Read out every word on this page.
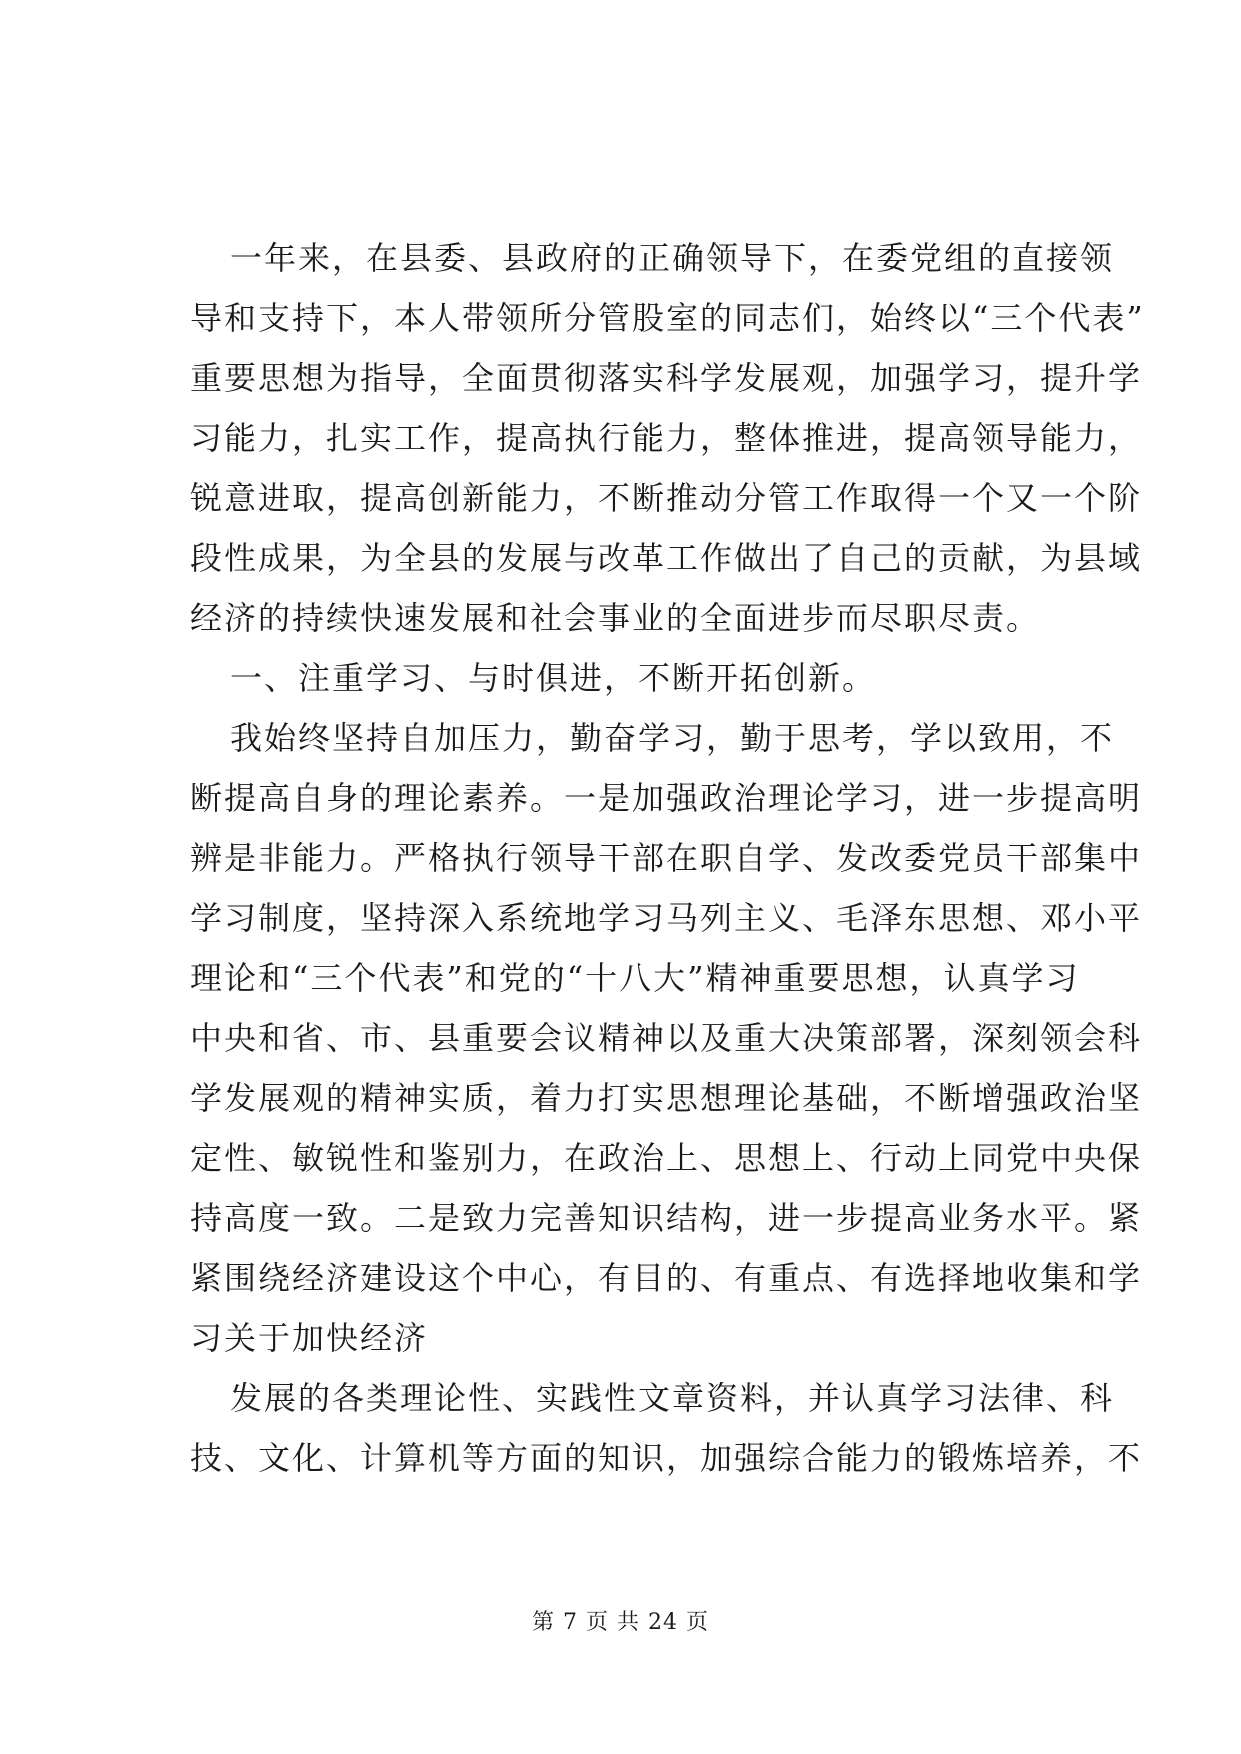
一年来，在县委、县政府的正确领导下，在委党组的直接领
导和支持下，本人带领所分管股室的同志们，始终以“三个代表”
重要思想为指导，全面贯彻落实科学发展观，加强学习，提升学
习能力，扎实工作，提高执行能力，整体推进，提高领导能力，
锐意进取，提高创新能力，不断推动分管工作取得一个又一个阶
段性成果，为全县的发展与改革工作做出了自己的贡献，为县域
经济的持续快速发展和社会事业的全面进步而尽职尽责。

一、注重学习、与时俱进，不断开拓创新。

我始终坚持自加压力，勤奋学习，勤于思考，学以致用，不
断提高自身的理论素养。一是加强政治理论学习，进一步提高明
辨是非能力。严格执行领导干部在职自学、发改委党员干部集中
学习制度，坚持深入系统地学习马列主义、毛泽东思想、邓小平
理论和“三个代表”和党的“十八大”精神重要思想，认真学习
中央和省、市、县重要会议精神以及重大决策部署，深刻领会科
学发展观的精神实质，着力打实思想理论基础，不断增强政治坚
定性、敏锐性和鉴别力，在政治上、思想上、行动上同党中央保
持高度一致。二是致力完善知识结构，进一步提高业务水平。紧
紧围绕经济建设这个中心，有目的、有重点、有选择地收集和学
习关于加快经济

发展的各类理论性、实践性文章资料，并认真学习法律、科
技、文化、计算机等方面的知识，加强综合能力的锻炼培养，不

第 7 页 共 24 页
